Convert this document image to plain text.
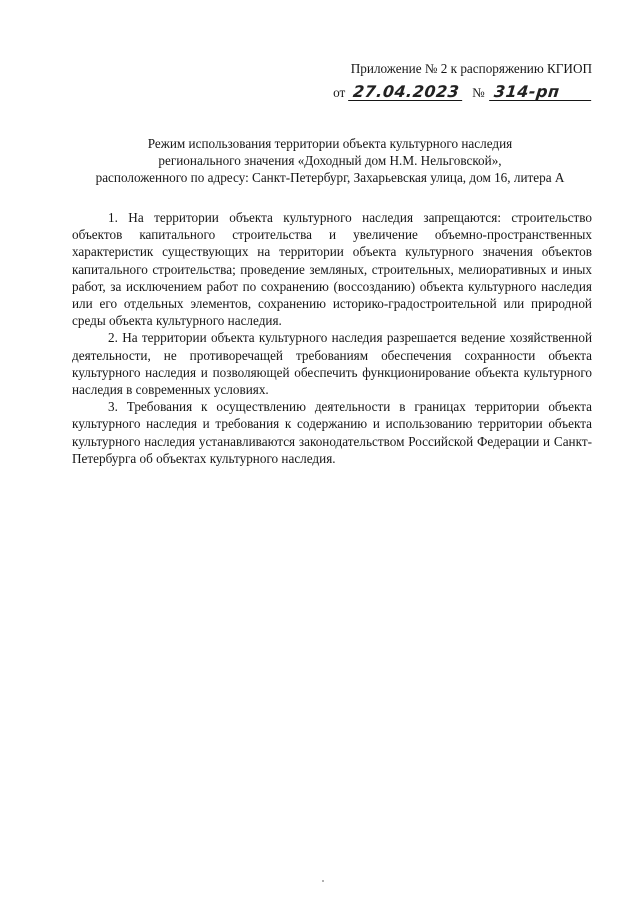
Приложение № 2 к распоряжению КГИОП
от 27.04.2023 № 314-рп
Режим использования территории объекта культурного наследия
регионального значения «Доходный дом Н.М. Нельговской»,
расположенного по адресу: Санкт-Петербург, Захарьевская улица, дом 16, литера А

1. На территории объекта культурного наследия запрещаются: строительство объектов капитального строительства и увеличение объемно-пространственных характеристик существующих на территории объекта культурного значения объектов капитального строительства; проведение земляных, строительных, мелиоративных и иных работ, за исключением работ по сохранению (воссозданию) объекта культурного наследия или его отдельных элементов, сохранению историко-градостроительной или природной среды объекта культурного наследия.

2. На территории объекта культурного наследия разрешается ведение хозяйственной деятельности, не противоречащей требованиям обеспечения сохранности объекта культурного наследия и позволяющей обеспечить функционирование объекта культурного наследия в современных условиях.

3. Требования к осуществлению деятельности в границах территории объекта культурного наследия и требования к содержанию и использованию территории объекта культурного наследия устанавливаются законодательством Российской Федерации и Санкт-Петербурга об объектах культурного наследия.
